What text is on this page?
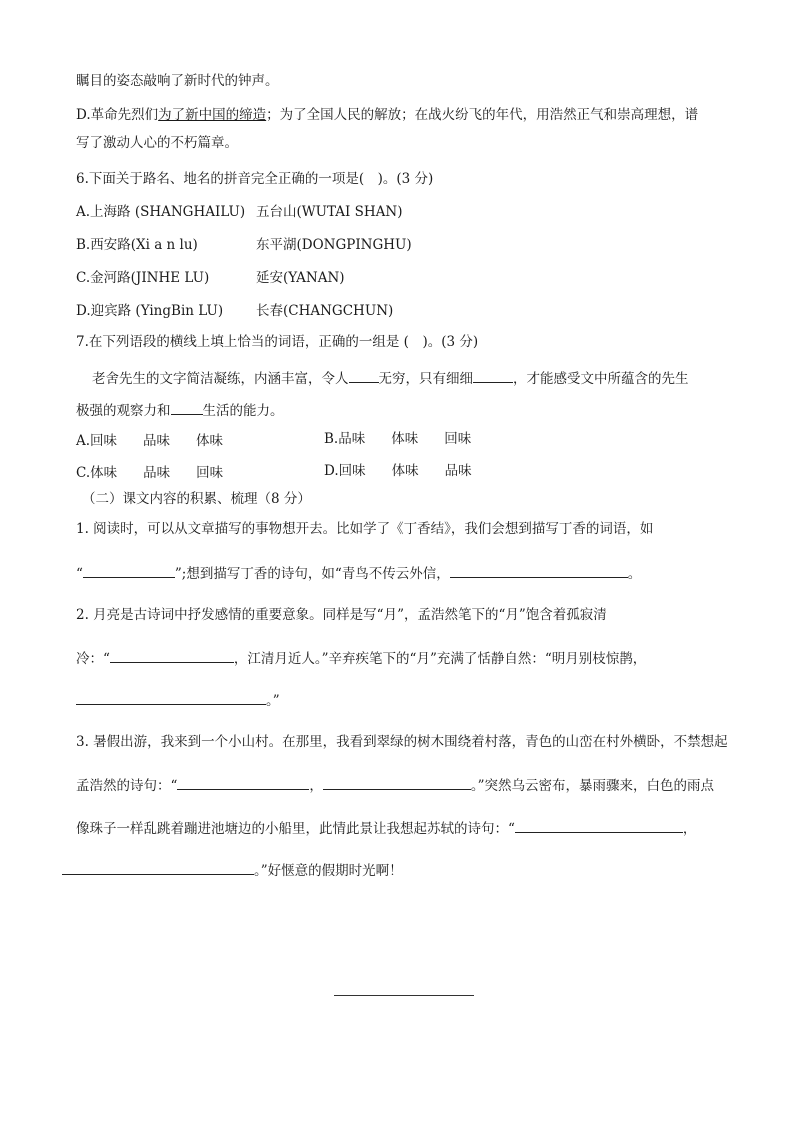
瞩目的姿态敲响了新时代的钟声。
D.革命先烈们为了新中国的缔造；为了全国人民的解放；在战火纷飞的年代，用浩然正气和崇高理想，谱
写了激动人心的不朽篇章。
6.下面关于路名、地名的拼音完全正确的一项是(　)。(3 分)
A.上海路 (SHANGHAILU) 五台山(WUTAI SHAN)
B.西安路(Xi a n lu)	东平湖(DONGPINGHU)
C.金河路(JINHE LU)	延安(YANAN)
D.迎宾路 (YingBin LU) 长春(CHANGCHUN)
7.在下列语段的横线上填上恰当的词语，正确的一组是 (　)。(3 分)
老舍先生的文字简洁凝练，内涵丰富，令人 无穷，只有细细	，才能感受文中所蕴含的先生
极强的观察力和 生活的能力。
A.回味 品味 体味	B.品味 体味 回味
C.体味 品味 回味	D.回味 体味 品味
（二）课文内容的积累、梳理（8 分）
1. 阅读时，可以从文章描写的事物想开去。比如学了《丁香结》，我们会想到描写丁香的词语，如
“	”;想到描写丁香的诗句，如“青鸟不传云外信，	。
2. 月亮是古诗词中抒发感情的重要意象。同样是写“月”，孟浩然笔下的“月”饱含着孤寂清
冷：“	，江清月近人。”辛弃疾笔下的“月”充满了恬静自然：“明月别枝惊鹊，
。”
3. 暑假出游，我来到一个小山村。在那里，我看到翠绿的树木围绕着村落，青色的山峦在村外横卧，不禁想起
孟浩然的诗句：“	，	。”突然乌云密布，暴雨骤来，白色的雨点
像珠子一样乱跳着蹦进池塘边的小船里，此情此景让我想起苏轼的诗句：“	，
。”好惬意的假期时光啊！
